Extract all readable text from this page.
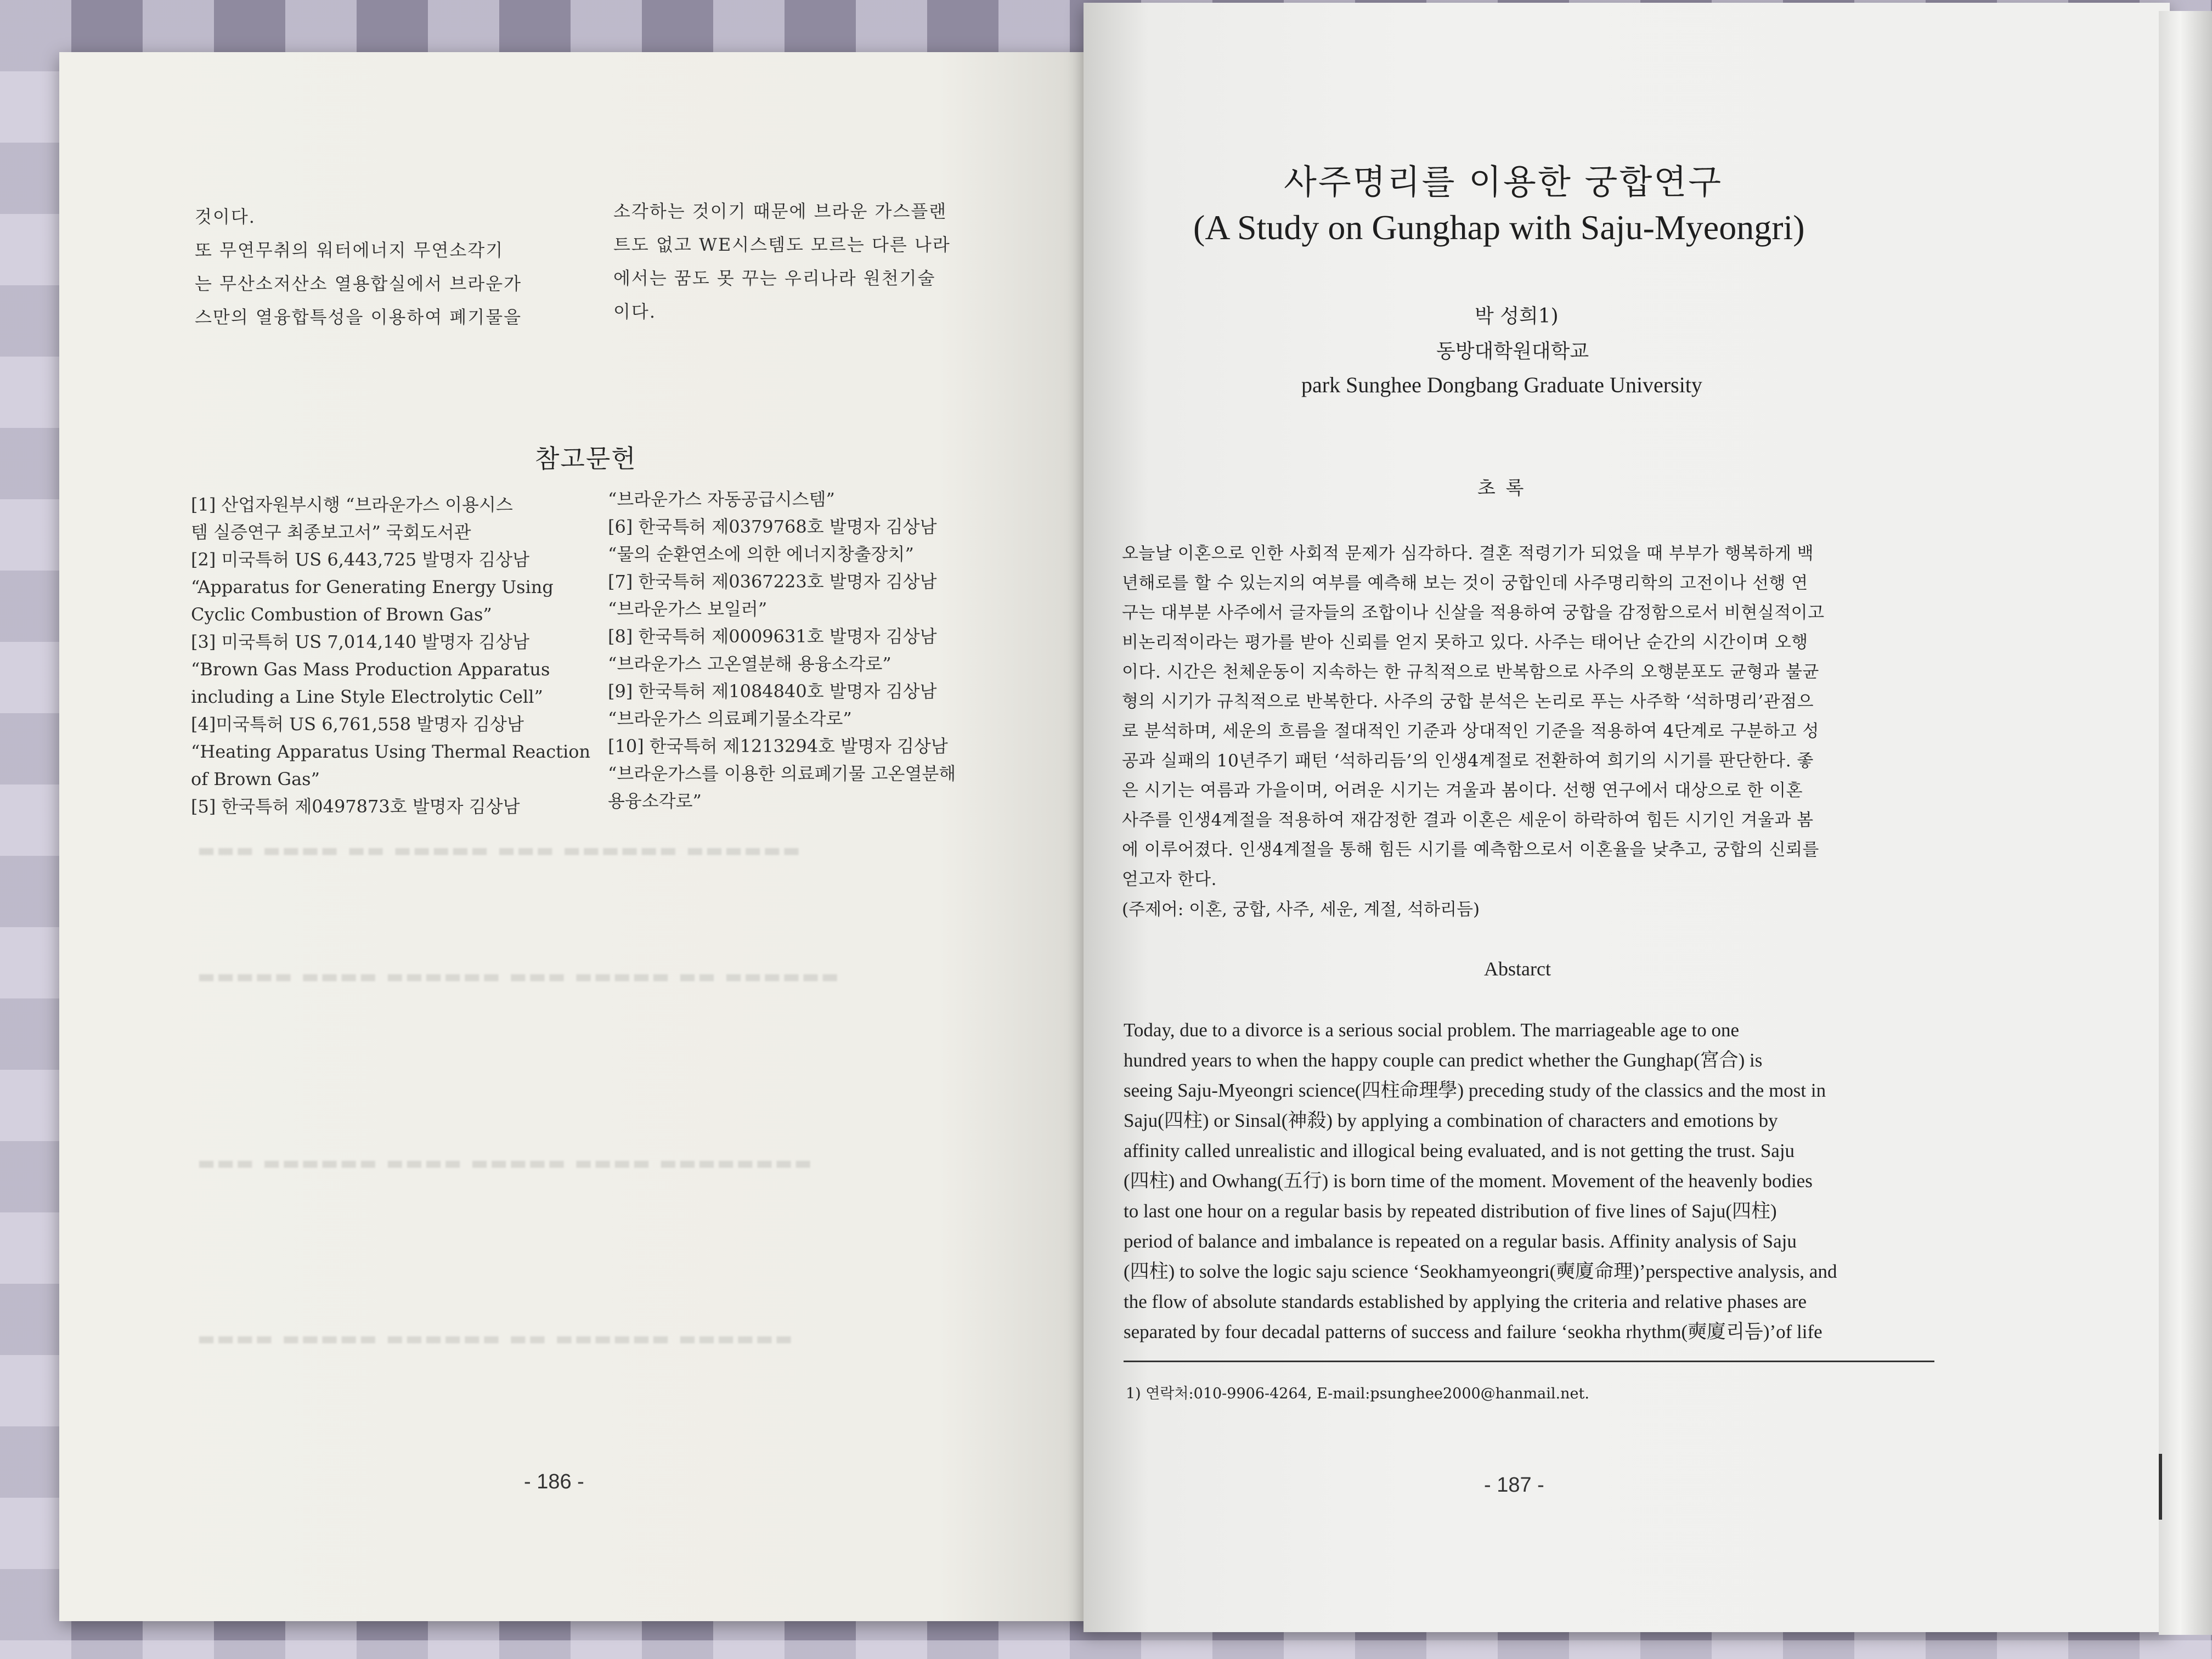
▬▬▬ ▬▬▬▬ ▬▬ ▬▬▬▬▬ ▬▬▬ ▬▬▬▬▬▬ ▬▬▬▬▬▬
▬▬▬▬▬ ▬▬▬▬ ▬▬▬▬▬▬ ▬▬▬ ▬▬▬▬▬ ▬▬ ▬▬▬▬▬▬
▬▬▬ ▬▬▬▬▬▬ ▬▬▬▬ ▬▬▬▬▬ ▬▬▬▬ ▬▬▬▬▬▬▬▬
▬▬▬▬ ▬▬▬▬▬ ▬▬▬▬▬▬ ▬▬ ▬▬▬▬▬▬ ▬▬▬▬▬▬
것이다.
또 무연무취의 워터에너지 무연소각기
는 무산소저산소 열용합실에서 브라운가
스만의 열융합특성을 이용하여 폐기물을
소각하는 것이기 때문에 브라운 가스플랜
트도 없고 WE시스템도 모르는 다른 나라
에서는 꿈도 못 꾸는 우리나라 원천기술
이다.
참고문헌
[1] 산업자원부시행 “브라운가스 이용시스
템 실증연구 최종보고서” 국회도서관
[2] 미국특허 US 6,443,725 발명자 김상남
“Apparatus for Generating Energy Using
Cyclic Combustion of Brown Gas”
[3] 미국특허 US 7,014,140 발명자 김상남
“Brown Gas Mass Production Apparatus
including a Line Style Electrolytic Cell”
[4]미국특허 US 6,761,558 발명자 김상남
“Heating Apparatus Using Thermal Reaction
of Brown Gas”
[5] 한국특허 제0497873호 발명자 김상남
“브라운가스 자동공급시스템”
[6] 한국특허 제0379768호 발명자 김상남
“물의 순환연소에 의한 에너지창출장치”
[7] 한국특허 제0367223호 발명자 김상남
“브라운가스 보일러”
[8] 한국특허 제0009631호 발명자 김상남
“브라운가스 고온열분해 용융소각로”
[9] 한국특허 제1084840호 발명자 김상남
“브라운가스 의료폐기물소각로”
[10] 한국특허 제1213294호 발명자 김상남
“브라운가스를 이용한 의료폐기물 고온열분해
용융소각로”
- 186 -
사주명리를 이용한 궁합연구
(A Study on Gunghap with Saju-Myeongri)
박 성희1)
동방대학원대학교
park Sunghee Dongbang Graduate University
초 록
오늘날 이혼으로 인한 사회적 문제가 심각하다. 결혼 적령기가 되었을 때 부부가 행복하게 백
년해로를 할 수 있는지의 여부를 예측해 보는 것이 궁합인데 사주명리학의 고전이나 선행 연
구는 대부분 사주에서 글자들의 조합이나 신살을 적용하여 궁합을 감정함으로서 비현실적이고
비논리적이라는 평가를 받아 신뢰를 얻지 못하고 있다. 사주는 태어난 순간의 시간이며 오행
이다. 시간은 천체운동이 지속하는 한 규칙적으로 반복함으로 사주의 오행분포도 균형과 불균
형의 시기가 규칙적으로 반복한다. 사주의 궁합 분석은 논리로 푸는 사주학 ‘석하명리’관점으
로 분석하며, 세운의 흐름을 절대적인 기준과 상대적인 기준을 적용하여 4단계로 구분하고 성
공과 실패의 10년주기 패턴 ‘석하리듬’의 인생4계절로 전환하여 희기의 시기를 판단한다. 좋
은 시기는 여름과 가을이며, 어려운 시기는 겨울과 봄이다. 선행 연구에서 대상으로 한 이혼
사주를 인생4계절을 적용하여 재감정한 결과 이혼은 세운이 하락하여 힘든 시기인 겨울과 봄
에 이루어졌다. 인생4계절을 통해 힘든 시기를 예측함으로서 이혼율을 낮추고, 궁합의 신뢰를
얻고자 한다.
(주제어: 이혼, 궁합, 사주, 세운, 계절, 석하리듬)
Abstarct
Today, due to a divorce is a serious social problem. The marriageable age to one
hundred years to when the happy couple can predict whether the Gunghap(宮合) is
seeing Saju-Myeongri science(四柱命理學) preceding study of the classics and the most in
Saju(四柱) or Sinsal(神殺) by applying a combination of characters and emotions by
affinity called unrealistic and illogical being evaluated, and is not getting the trust. Saju
(四柱) and Owhang(五行) is born time of the moment. Movement of the heavenly bodies
to last one hour on a regular basis by repeated distribution of five lines of Saju(四柱)
period of balance and imbalance is repeated on a regular basis. Affinity analysis of Saju
(四柱) to solve the logic saju science ‘Seokhamyeongri(奭廈命理)’perspective analysis, and
the flow of absolute standards established by applying the criteria and relative phases are
separated by four decadal patterns of success and failure ‘seokha rhythm(奭廈리듬)’of life
1) 연락처:010-9906-4264, E-mail:psunghee2000@hanmail.net.
- 187 -
